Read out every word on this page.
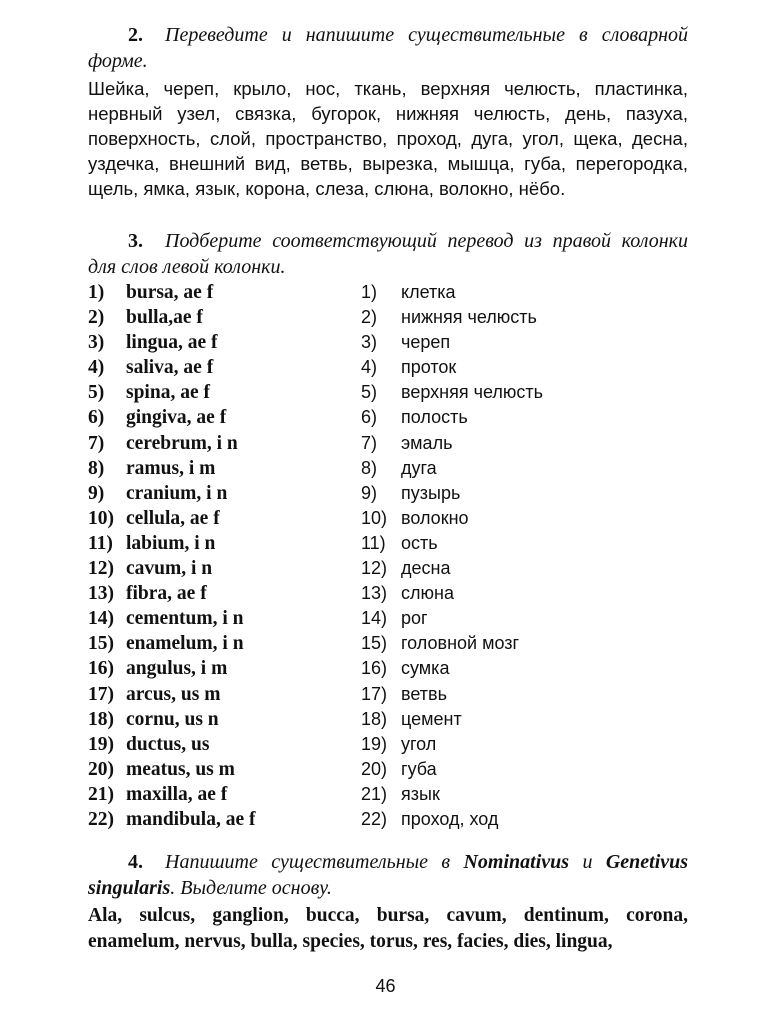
2. Переведите и напишите существительные в словарной форме.
Шейка, череп, крыло, нос, ткань, верхняя челюсть, пластинка, нервный узел, связка, бугорок, нижняя челюсть, день, пазуха, поверхность, слой, пространство, проход, дуга, угол, щека, десна, уздечка, внешний вид, ветвь, вырезка, мышца, губа, перегородка, щель, ямка, язык, корона, слеза, слюна, волокно, нёбо.
3. Подберите соответствующий перевод из правой колонки для слов левой колонки.
1) bursa, ae f
2) bulla,ae f
3) lingua, ae f
4) saliva, ae f
5) spina, ae f
6) gingiva, ae f
7) cerebrum, i n
8) ramus, i m
9) cranium, i n
10) cellula, ae f
11) labium, i n
12) cavum, i n
13) fibra, ae f
14) cementum, i n
15) enamelum, i n
16) angulus, i m
17) arcus, us m
18) cornu, us n
19) ductus, us
20) meatus, us m
21) maxilla, ae f
22) mandibula, ae f
1) клетка
2) нижняя челюсть
3) череп
4) проток
5) верхняя челюсть
6) полость
7) эмаль
8) дуга
9) пузырь
10) волокно
11) ость
12) десна
13) слюна
14) рог
15) головной мозг
16) сумка
17) ветвь
18) цемент
19) угол
20) губа
21) язык
22) проход, ход
4. Напишите существительные в Nominativus и Genetivus singularis. Выделите основу.
Ala, sulcus, ganglion, bucca, bursa, cavum, dentinum, corona, enamelum, nervus, bulla, species, torus, res, facies, dies, lingua,
46
